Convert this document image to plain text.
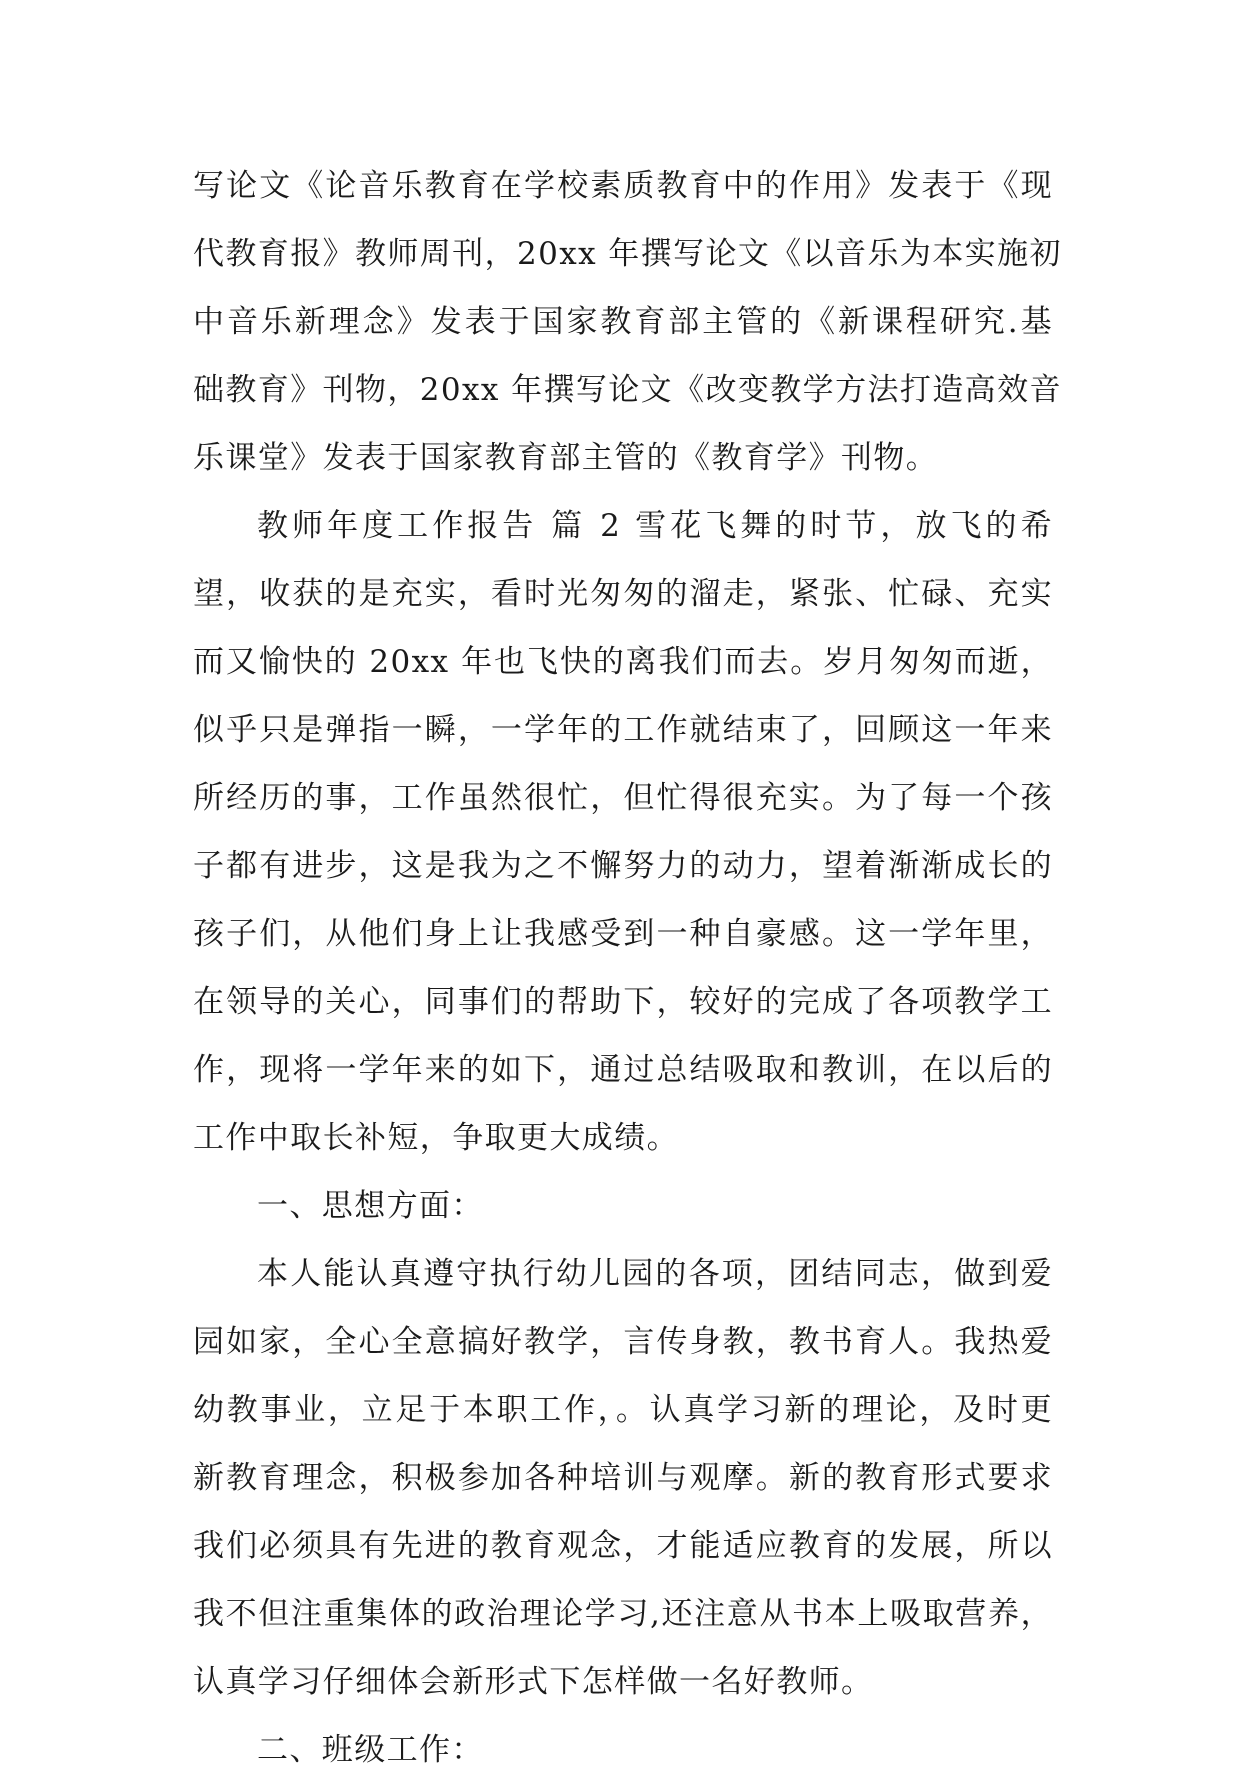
写论文《论音乐教育在学校素质教育中的作用》发表于《现
代教育报》教师周刊，20xx 年撰写论文《以音乐为本实施初
中音乐新理念》发表于国家教育部主管的《新课程研究.基
础教育》刊物，20xx 年撰写论文《改变教学方法打造高效音
乐课堂》发表于国家教育部主管的《教育学》刊物。
教师年度工作报告 篇 2 雪花飞舞的时节，放飞的希
望，收获的是充实，看时光匆匆的溜走，紧张、忙碌、充实
而又愉快的 20xx 年也飞快的离我们而去。岁月匆匆而逝，
似乎只是弹指一瞬，一学年的工作就结束了，回顾这一年来
所经历的事，工作虽然很忙，但忙得很充实。为了每一个孩
子都有进步，这是我为之不懈努力的动力，望着渐渐成长的
孩子们，从他们身上让我感受到一种自豪感。这一学年里，
在领导的关心，同事们的帮助下，较好的完成了各项教学工
作，现将一学年来的如下，通过总结吸取和教训，在以后的
工作中取长补短，争取更大成绩。
一、思想方面：
本人能认真遵守执行幼儿园的各项，团结同志，做到爱
园如家，全心全意搞好教学，言传身教，教书育人。我热爱
幼教事业，立足于本职工作，。认真学习新的理论，及时更
新教育理念，积极参加各种培训与观摩。新的教育形式要求
我们必须具有先进的教育观念，才能适应教育的发展，所以
我不但注重集体的政治理论学习,还注意从书本上吸取营养，
认真学习仔细体会新形式下怎样做一名好教师。
二、班级工作：
